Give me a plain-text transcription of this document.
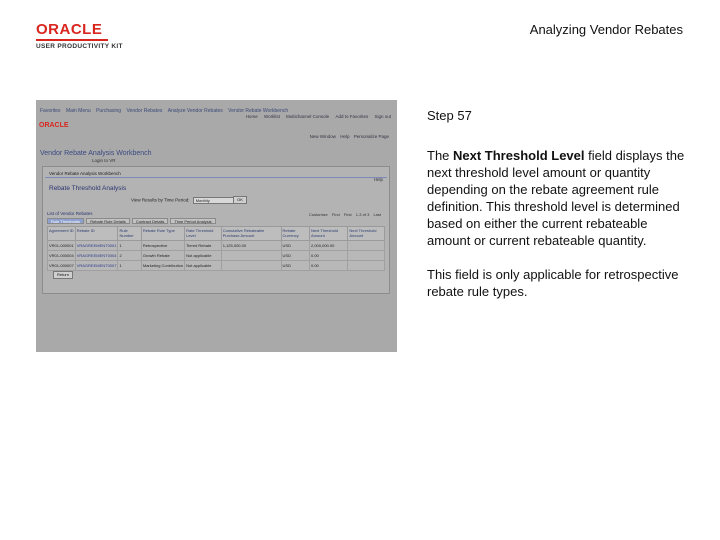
ORACLE
USER PRODUCTIVITY KIT
Analyzing Vendor Rebates
Favorites Main Menu Purchasing Vendor Rebates Analyze Vendor Rebates Vendor Rebate Workbench
Home Worklist Multichannel Console Add to Favorites Sign out
ORACLE
New Window Help Personalize Page
Vendor Rebate Analysis Workbench
Login to VR
Vendor Rebate Analysis Workbench
Help
Rebate Threshold Analysis
View Results by Time Period: Monthly	OK
List of Vendor Rebates	Customize Find First 1-3 of 3 Last
Rule Thresholds	Rebate Rule Details	Contract Details	Time Period Analysis
Agreement ID	Rebate ID	Rule Number	Rebate Rule Type	Rate Threshold Level	Cumulative Rebateable Purchase Amount	Rebate Currency	Next Threshold Amount	Next Threshold Amount
VR01-000001	VRAGREEMENT0001	1	Retrospective	Tiered Rebate	1,125,000.00	USD	2,000,000.00	
VR01-000004	VRAGREEMENT0004	2	Growth Rebate	Not applicable		USD	0.00	
VR01-000007	VRAGREEMENT0007	1	Marketing Contribution	Not applicable		USD	0.00	
Return
Step 57

The Next Threshold Level field displays the next threshold level amount or quantity depending on the rebate agreement rule definition. This threshold level is determined based on either the current rebateable amount or current rebateable quantity.

This field is only applicable for retrospective rebate rule types.
